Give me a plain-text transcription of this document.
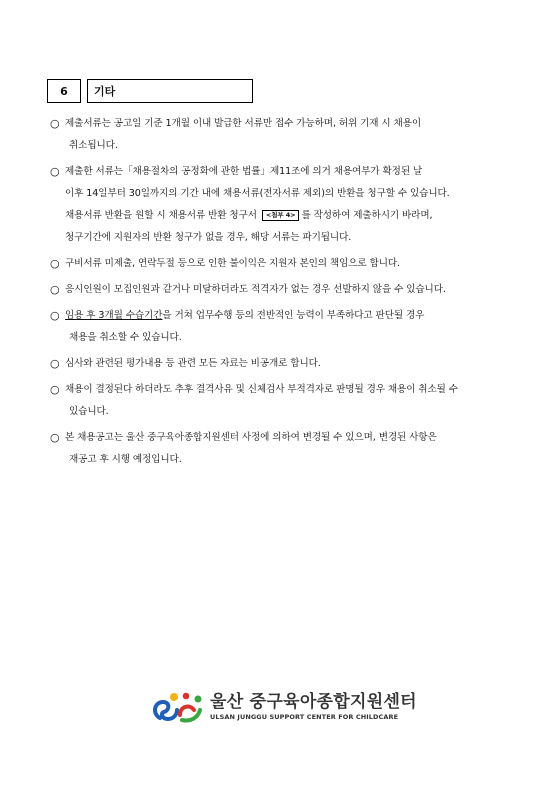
6	기타
○ 제출서류는 공고일 기준 1개월 이내 발급한 서류만 접수 가능하며, 허위 기재 시 채용이
취소됩니다.
○ 제출한 서류는「채용절차의 공정화에 관한 법률」제11조에 의거 채용여부가 확정된 날
이후 14일부터 30일까지의 기간 내에 채용서류(전자서류 제외)의 반환을 청구할 수 있습니다.
채용서류 반환을 원할 시 채용서류 반환 청구서 <첨부 4> 를 작성하여 제출하시기 바라며,
청구기간에 지원자의 반환 청구가 없을 경우, 해당 서류는 파기됩니다.
○ 구비서류 미제출, 연락두절 등으로 인한 불이익은 지원자 본인의 책임으로 합니다.
○ 응시인원이 모집인원과 같거나 미달하더라도 적격자가 없는 경우 선발하지 않을 수 있습니다.
○ 임용 후 3개월 수습기간을 거쳐 업무수행 등의 전반적인 능력이 부족하다고 판단될 경우
채용을 취소할 수 있습니다.
○ 심사와 관련된 평가내용 등 관련 모든 자료는 비공개로 합니다.
○ 채용이 결정된다 하더라도 추후 결격사유 및 신체검사 부적격자로 판명될 경우 채용이 취소될 수
있습니다.
○ 본 채용공고는 울산 중구육아종합지원센터 사정에 의하여 변경될 수 있으며, 변경된 사항은
재공고 후 시행 예정입니다.
울산 중구육아종합지원센터
ULSAN JUNGGU SUPPORT CENTER FOR CHILDCARE
